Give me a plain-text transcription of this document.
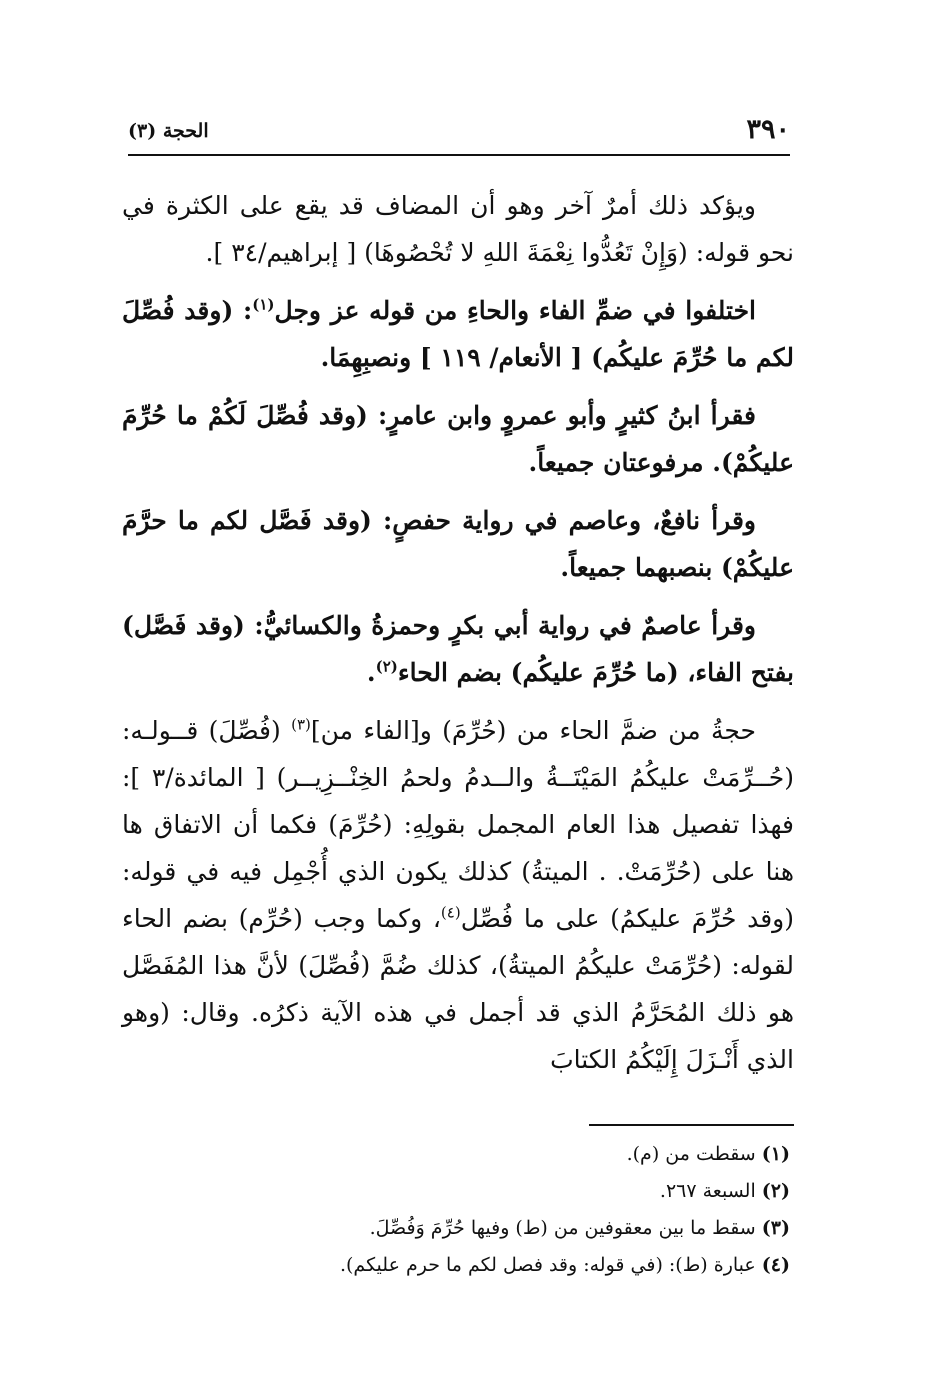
٣٩٠
الحجة (٣)

ويؤكد ذلك أمرٌ آخر وهو أن المضاف قد يقع على الكثرة في نحو قوله: (وَإِنْ تَعُدُّوا نِعْمَةَ اللهِ لا تُحْصُوهَا) [ إبراهيم/٣٤ ].

اختلفوا في ضمِّ الفاء والحاءِ من قوله عز وجل$^{(١)}$: (وقد فُصِّلَ لكم ما حُرِّمَ عليكُم) [ الأنعام/ ١١٩ ] ونصبِهِمَا.

فقرأ ابنُ كثيرٍ وأبو عمروٍ وابن عامرٍ: (وقد فُصِّلَ لَكُمْ ما حُرِّمَ عليكُمْ). مرفوعتان جميعاً.

وقرأ نافعٌ، وعاصم في رواية حفصٍ: (وقد فَصَّل لكم ما حرَّمَ عليكُمْ) بنصبهما جميعاً.

وقرأ عاصمٌ في رواية أبي بكرٍ وحمزةُ والكسائيُّ: (وقد فَصَّل) بفتح الفاء، (ما حُرِّمَ عليكُم) بضم الحاء$^{(٢)}$.

حجةُ من ضمَّ الحاء من (حُرِّمَ) و[الفاء من]$^{(٣)}$ (فُصِّلَ) قــولـه: (حُــرِّمَتْ عليكُمُ المَيْتَــةُ والــدمُ ولحمُ الخِنْــزِيــر) [ المائدة/٣ ]: فهذا تفصيل هذا العام المجمل بقولِهِ: (حُرِّمَ) فكما أن الاتفاق ها هنا على (حُرِّمَتْ. . الميتةُ) كذلك يكون الذي أُجْمِل فيه في قوله: (وقد حُرِّمَ عليكمُ) على ما فُصِّل$^{(٤)}$، وكما وجب (حُرِّم) بضم الحاء لقوله: (حُرِّمَتْ عليكُمُ الميتةُ)، كذلك ضُمَّ (فُصِّلَ) لأنَّ هذا المُفَصَّل هو ذلك المُحَرَّمُ الذي قد أجمل في هذه الآية ذكرُه. وقال: (وهو الذي أَنْـزَلَ إِلَيْكُمُ الكتابَ

(١) سقطت من (م).

(٢) السبعة ٢٦٧.

(٣) سقط ما بين معقوفين من (ط) وفيها حُرِّمَ وَفُصِّلَ.

(٤) عبارة (ط): (في قوله: وقد فصل لكم ما حرم عليكم).
